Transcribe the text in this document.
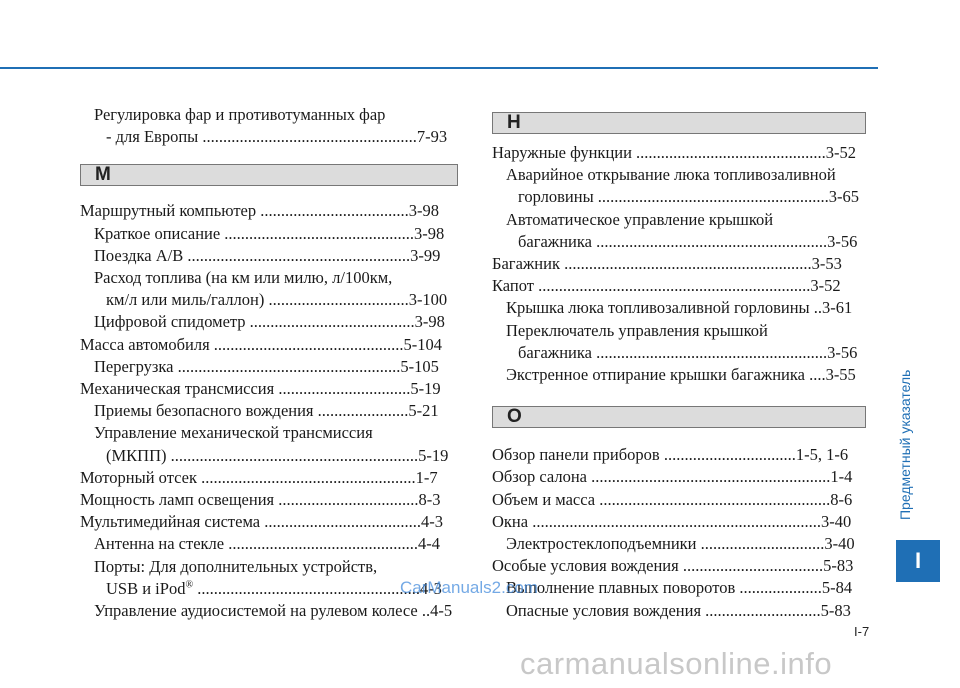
Регулировка фар и противотуманных фар
- для Европы ....................................................7-93
M
Маршрутный компьютер ....................................3-98
Краткое описание ..............................................3-98
Поездка A/B ......................................................3-99
Расход топлива (на км или милю, л/100км,
км/л или миль/галлон) ..................................3-100
Цифровой спидометр ........................................3-98
Масса автомобиля ..............................................5-104
Перегрузка ......................................................5-105
Механическая трансмиссия ................................5-19
Приемы безопасного вождения ......................5-21
Управление механической трансмиссия
(МКПП) ............................................................5-19
Моторный отсек ....................................................1-7
Мощность ламп освещения ..................................8-3
Мультимедийная система ......................................4-3
Антенна на стекле ..............................................4-4
Порты: Для дополнительных устройств,
USB и iPod® ......................................................4-3
Управление аудиосистемой на рулевом колесе ..4-5
H
Наружные функции ..............................................3-52
Аварийное открывание люка топливозаливной
горловины ........................................................3-65
Автоматическое управление крышкой
багажника ........................................................3-56
Багажник ............................................................3-53
Капот ..................................................................3-52
Крышка люка топливозаливной горловины ..3-61
Переключатель управления крышкой
багажника ........................................................3-56
Экстренное отпирание крышки багажника ....3-55
O
Обзор панели приборов ................................1-5, 1-6
Обзор салона ..........................................................1-4
Объем и масса ........................................................8-6
Окна ......................................................................3-40
Электростеклоподъемники ..............................3-40
Особые условия вождения ..................................5-83
Выполнение плавных поворотов ....................5-84
Опасные условия вождения ............................5-83
Предметный указатель
I
I-7
CarManuals2.com
carmanualsonline.info
